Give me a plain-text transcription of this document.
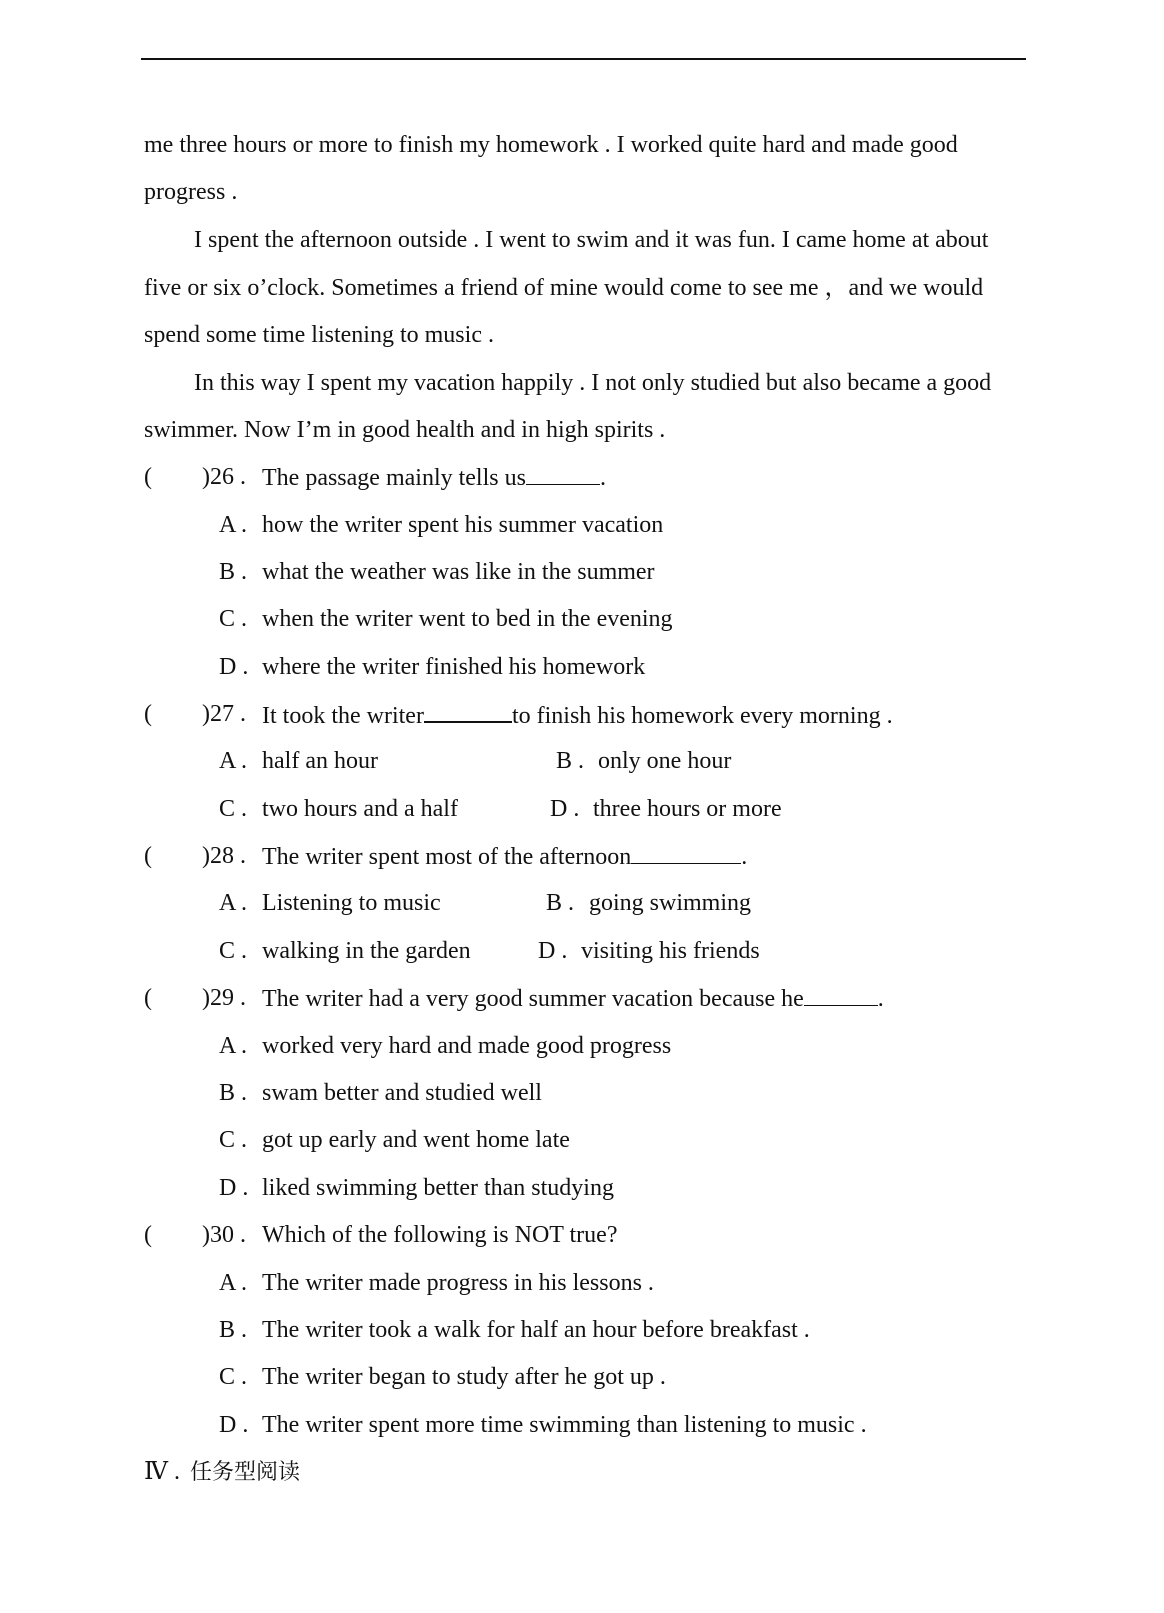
me three hours or more to finish my homework . I worked quite hard and made good
progress .
I spent the afternoon outside . I went to swim and it was fun. I came home at about
five or six o’clock. Sometimes a friend of mine would come to see me ，and we would
spend some time listening to music .
In this way I spent my vacation happily . I not only studied but also became a good
swimmer. Now I’m in good health and in high spirits .
( )26 . The passage mainly tells us	.
A . how the writer spent his summer vacation
B . what the weather was like in the summer
C . when the writer went to bed in the evening
D . where the writer finished his homework
( )27 . It took the writer	to finish his homework every morning .
A . half an hour	B . only one hour
C . two hours and a half	D . three hours or more
( )28 . The writer spent most of the afternoon	.
A . Listening to music	B . going swimming
C . walking in the garden	D . visiting his friends
( )29 . The writer had a very good summer vacation because he	.
A . worked very hard and made good progress
B . swam better and studied well
C . got up early and went home late
D . liked swimming better than studying
( )30 . Which of the following is NOT true?
A . The writer made progress in his lessons .
B . The writer took a walk for half an hour before breakfast .
C . The writer began to study after he got up .
D . The writer spent more time swimming than listening to music .
Ⅳ . 任务型阅读
